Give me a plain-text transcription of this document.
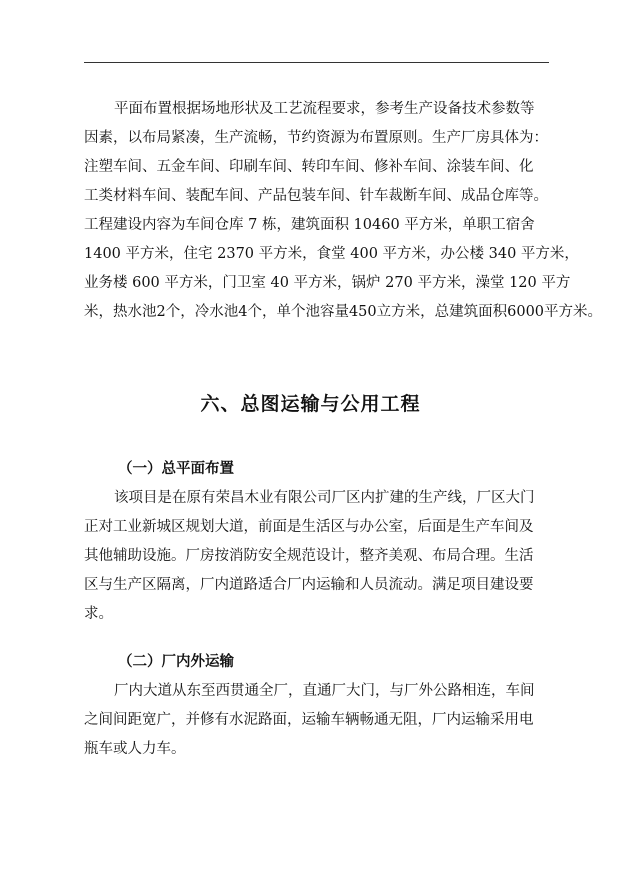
平面布置根据场地形状及工艺流程要求，参考生产设备技术参数等
因素，以布局紧凑，生产流畅，节约资源为布置原则。生产厂房具体为：
注塑车间、五金车间、印刷车间、转印车间、修补车间、涂装车间、化
工类材料车间、装配车间、产品包装车间、针车裁断车间、成品仓库等。
工程建设内容为车间仓库 7 栋，建筑面积 10460 平方米，单职工宿舍
1400 平方米，住宅 2370 平方米，食堂 400 平方米，办公楼 340 平方米，
业务楼 600 平方米，门卫室 40 平方米，锅炉 270 平方米，澡堂 120 平方
米，热水池2个，冷水池4个，单个池容量450立方米，总建筑面积6000平方米。
六、总图运输与公用工程
（一）总平面布置
该项目是在原有荣昌木业有限公司厂区内扩建的生产线，厂区大门
正对工业新城区规划大道，前面是生活区与办公室，后面是生产车间及
其他辅助设施。厂房按消防安全规范设计，整齐美观、布局合理。生活
区与生产区隔离，厂内道路适合厂内运输和人员流动。满足项目建设要
求。
（二）厂内外运输
厂内大道从东至西贯通全厂，直通厂大门，与厂外公路相连，车间
之间间距宽广，并修有水泥路面，运输车辆畅通无阻，厂内运输采用电
瓶车或人力车。
